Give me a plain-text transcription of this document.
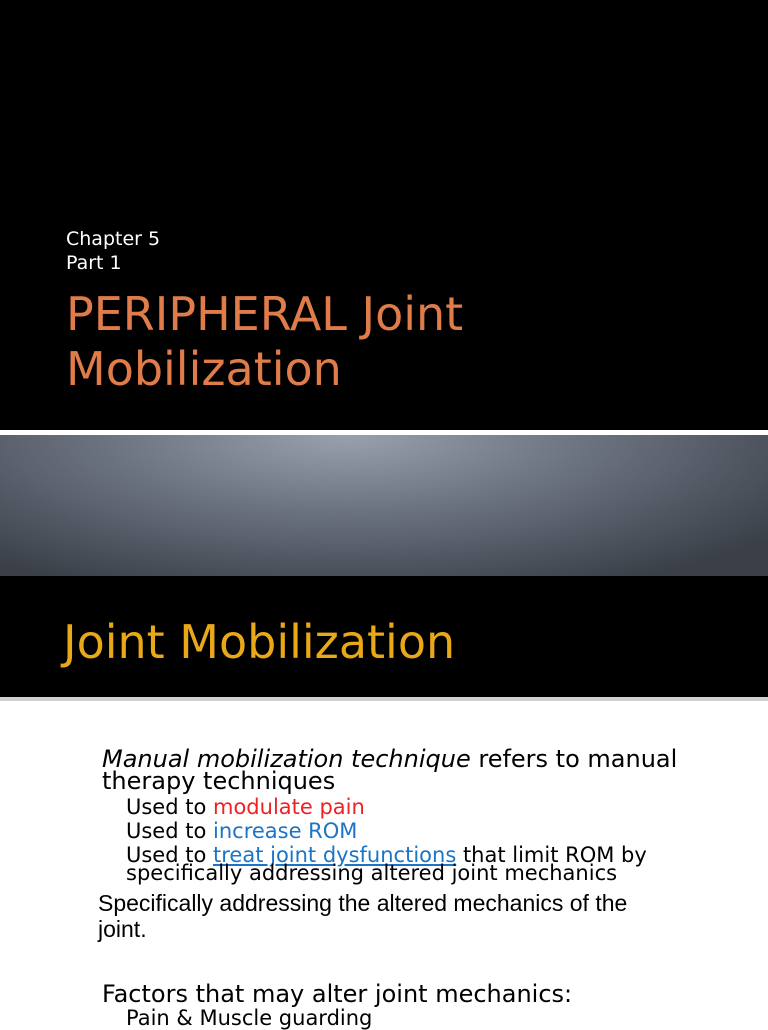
Chapter 5
Part 1
PERIPHERAL Joint
Mobilization
Joint Mobilization
Manual mobilization technique refers to manual
therapy techniques
Used to modulate pain
Used to increase ROM
Used to treat joint dysfunctions that limit ROM by
specifically addressing altered joint mechanics
Specifically addressing the altered mechanics of the
joint.
Factors that may alter joint mechanics:
Pain & Muscle guarding
